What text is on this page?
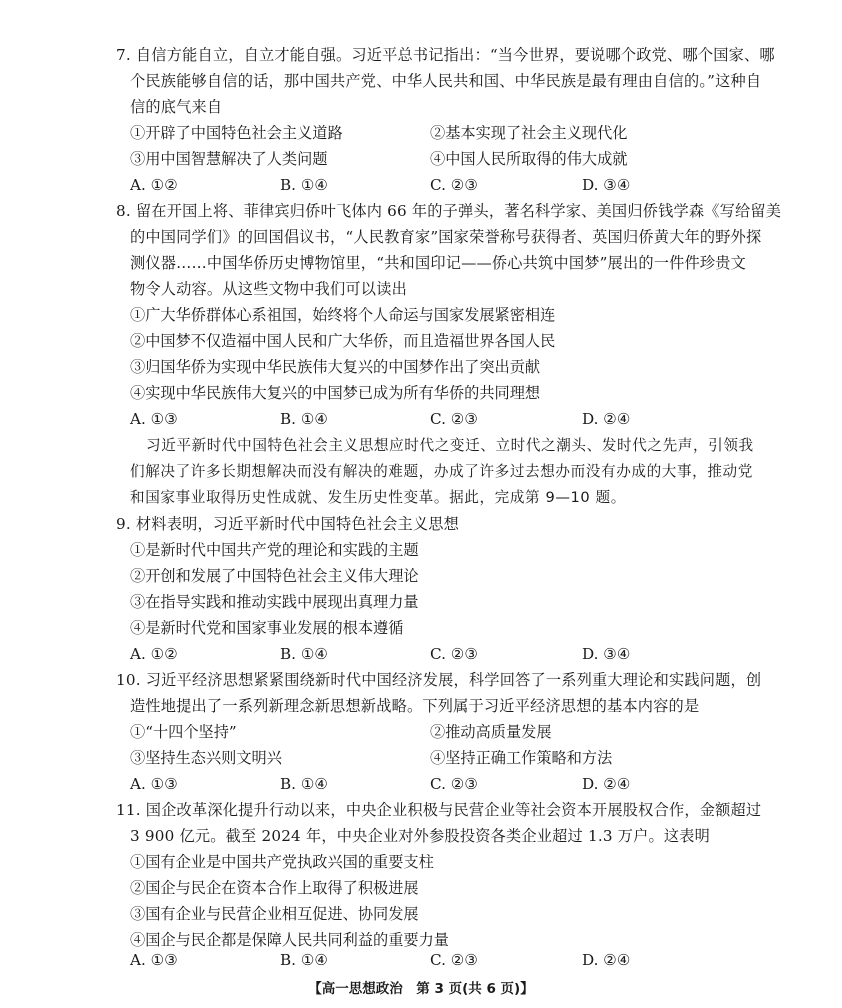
7. 自信方能自立，自立才能自强。习近平总书记指出：“当今世界，要说哪个政党、哪个国家、哪
个民族能够自信的话，那中国共产党、中华人民共和国、中华民族是最有理由自信的。”这种自
信的底气来自
①开辟了中国特色社会主义道路	②基本实现了社会主义现代化
③用中国智慧解决了人类问题	④中国人民所取得的伟大成就
A. ①②	B. ①④	C. ②③	D. ③④
8. 留在开国上将、菲律宾归侨叶飞体内 66 年的子弹头，著名科学家、美国归侨钱学森《写给留美
的中国同学们》的回国倡议书，“人民教育家”国家荣誉称号获得者、英国归侨黄大年的野外探
测仪器……中国华侨历史博物馆里，“共和国印记——侨心共筑中国梦”展出的一件件珍贵文
物令人动容。从这些文物中我们可以读出
①广大华侨群体心系祖国，始终将个人命运与国家发展紧密相连
②中国梦不仅造福中国人民和广大华侨，而且造福世界各国人民
③归国华侨为实现中华民族伟大复兴的中国梦作出了突出贡献
④实现中华民族伟大复兴的中国梦已成为所有华侨的共同理想
A. ①③	B. ①④	C. ②③	D. ②④
习近平新时代中国特色社会主义思想应时代之变迁、立时代之潮头、发时代之先声，引领我
们解决了许多长期想解决而没有解决的难题，办成了许多过去想办而没有办成的大事，推动党
和国家事业取得历史性成就、发生历史性变革。据此，完成第 9—10 题。
9. 材料表明，习近平新时代中国特色社会主义思想
①是新时代中国共产党的理论和实践的主题
②开创和发展了中国特色社会主义伟大理论
③在指导实践和推动实践中展现出真理力量
④是新时代党和国家事业发展的根本遵循
A. ①②	B. ①④	C. ②③	D. ③④
10. 习近平经济思想紧紧围绕新时代中国经济发展，科学回答了一系列重大理论和实践问题，创
造性地提出了一系列新理念新思想新战略。下列属于习近平经济思想的基本内容的是
①“十四个坚持”	②推动高质量发展
③坚持生态兴则文明兴	④坚持正确工作策略和方法
A. ①③	B. ①④	C. ②③	D. ②④
11. 国企改革深化提升行动以来，中央企业积极与民营企业等社会资本开展股权合作，金额超过
3 900 亿元。截至 2024 年，中央企业对外参股投资各类企业超过 1.3 万户。这表明
①国有企业是中国共产党执政兴国的重要支柱
②国企与民企在资本合作上取得了积极进展
③国有企业与民营企业相互促进、协同发展
④国企与民企都是保障人民共同利益的重要力量
A. ①③	B. ①④	C. ②③	D. ②④
【高一思想政治　第 3 页(共 6 页)】
